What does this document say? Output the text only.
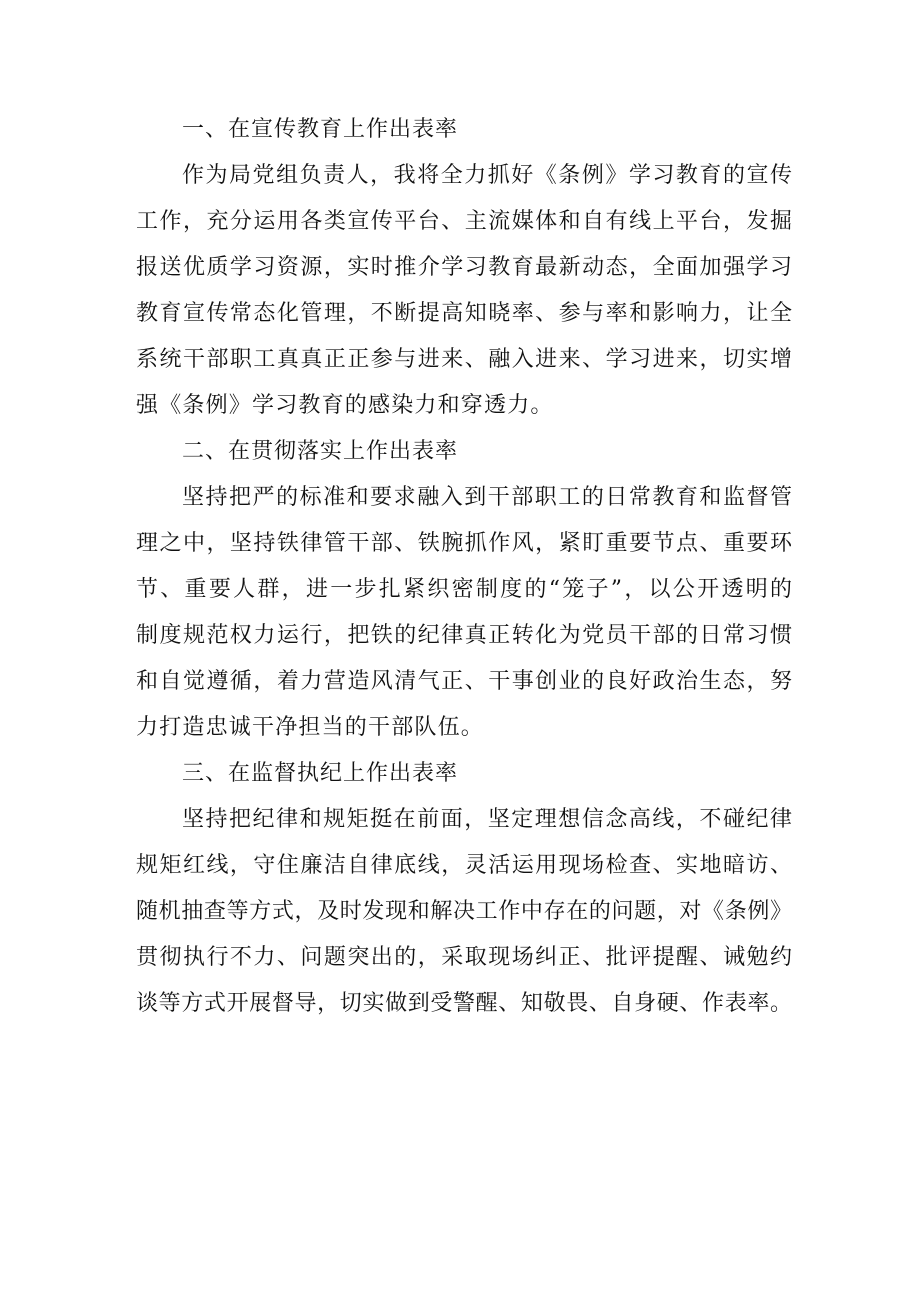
一、在宣传教育上作出表率

作为局党组负责人，我将全力抓好《条例》学习教育的宣传

工作，充分运用各类宣传平台、主流媒体和自有线上平台，发掘

报送优质学习资源，实时推介学习教育最新动态，全面加强学习

教育宣传常态化管理，不断提高知晓率、参与率和影响力，让全

系统干部职工真真正正参与进来、融入进来、学习进来，切实增

强《条例》学习教育的感染力和穿透力。

二、在贯彻落实上作出表率

坚持把严的标准和要求融入到干部职工的日常教育和监督管

理之中，坚持铁律管干部、铁腕抓作风，紧盯重要节点、重要环

节、重要人群，进一步扎紧织密制度的“笼子”，以公开透明的

制度规范权力运行，把铁的纪律真正转化为党员干部的日常习惯

和自觉遵循，着力营造风清气正、干事创业的良好政治生态，努

力打造忠诚干净担当的干部队伍。

三、在监督执纪上作出表率

坚持把纪律和规矩挺在前面，坚定理想信念高线，不碰纪律

规矩红线，守住廉洁自律底线，灵活运用现场检查、实地暗访、

随机抽查等方式，及时发现和解决工作中存在的问题，对《条例》

贯彻执行不力、问题突出的，采取现场纠正、批评提醒、诫勉约

谈等方式开展督导，切实做到受警醒、知敬畏、自身硬、作表率。
